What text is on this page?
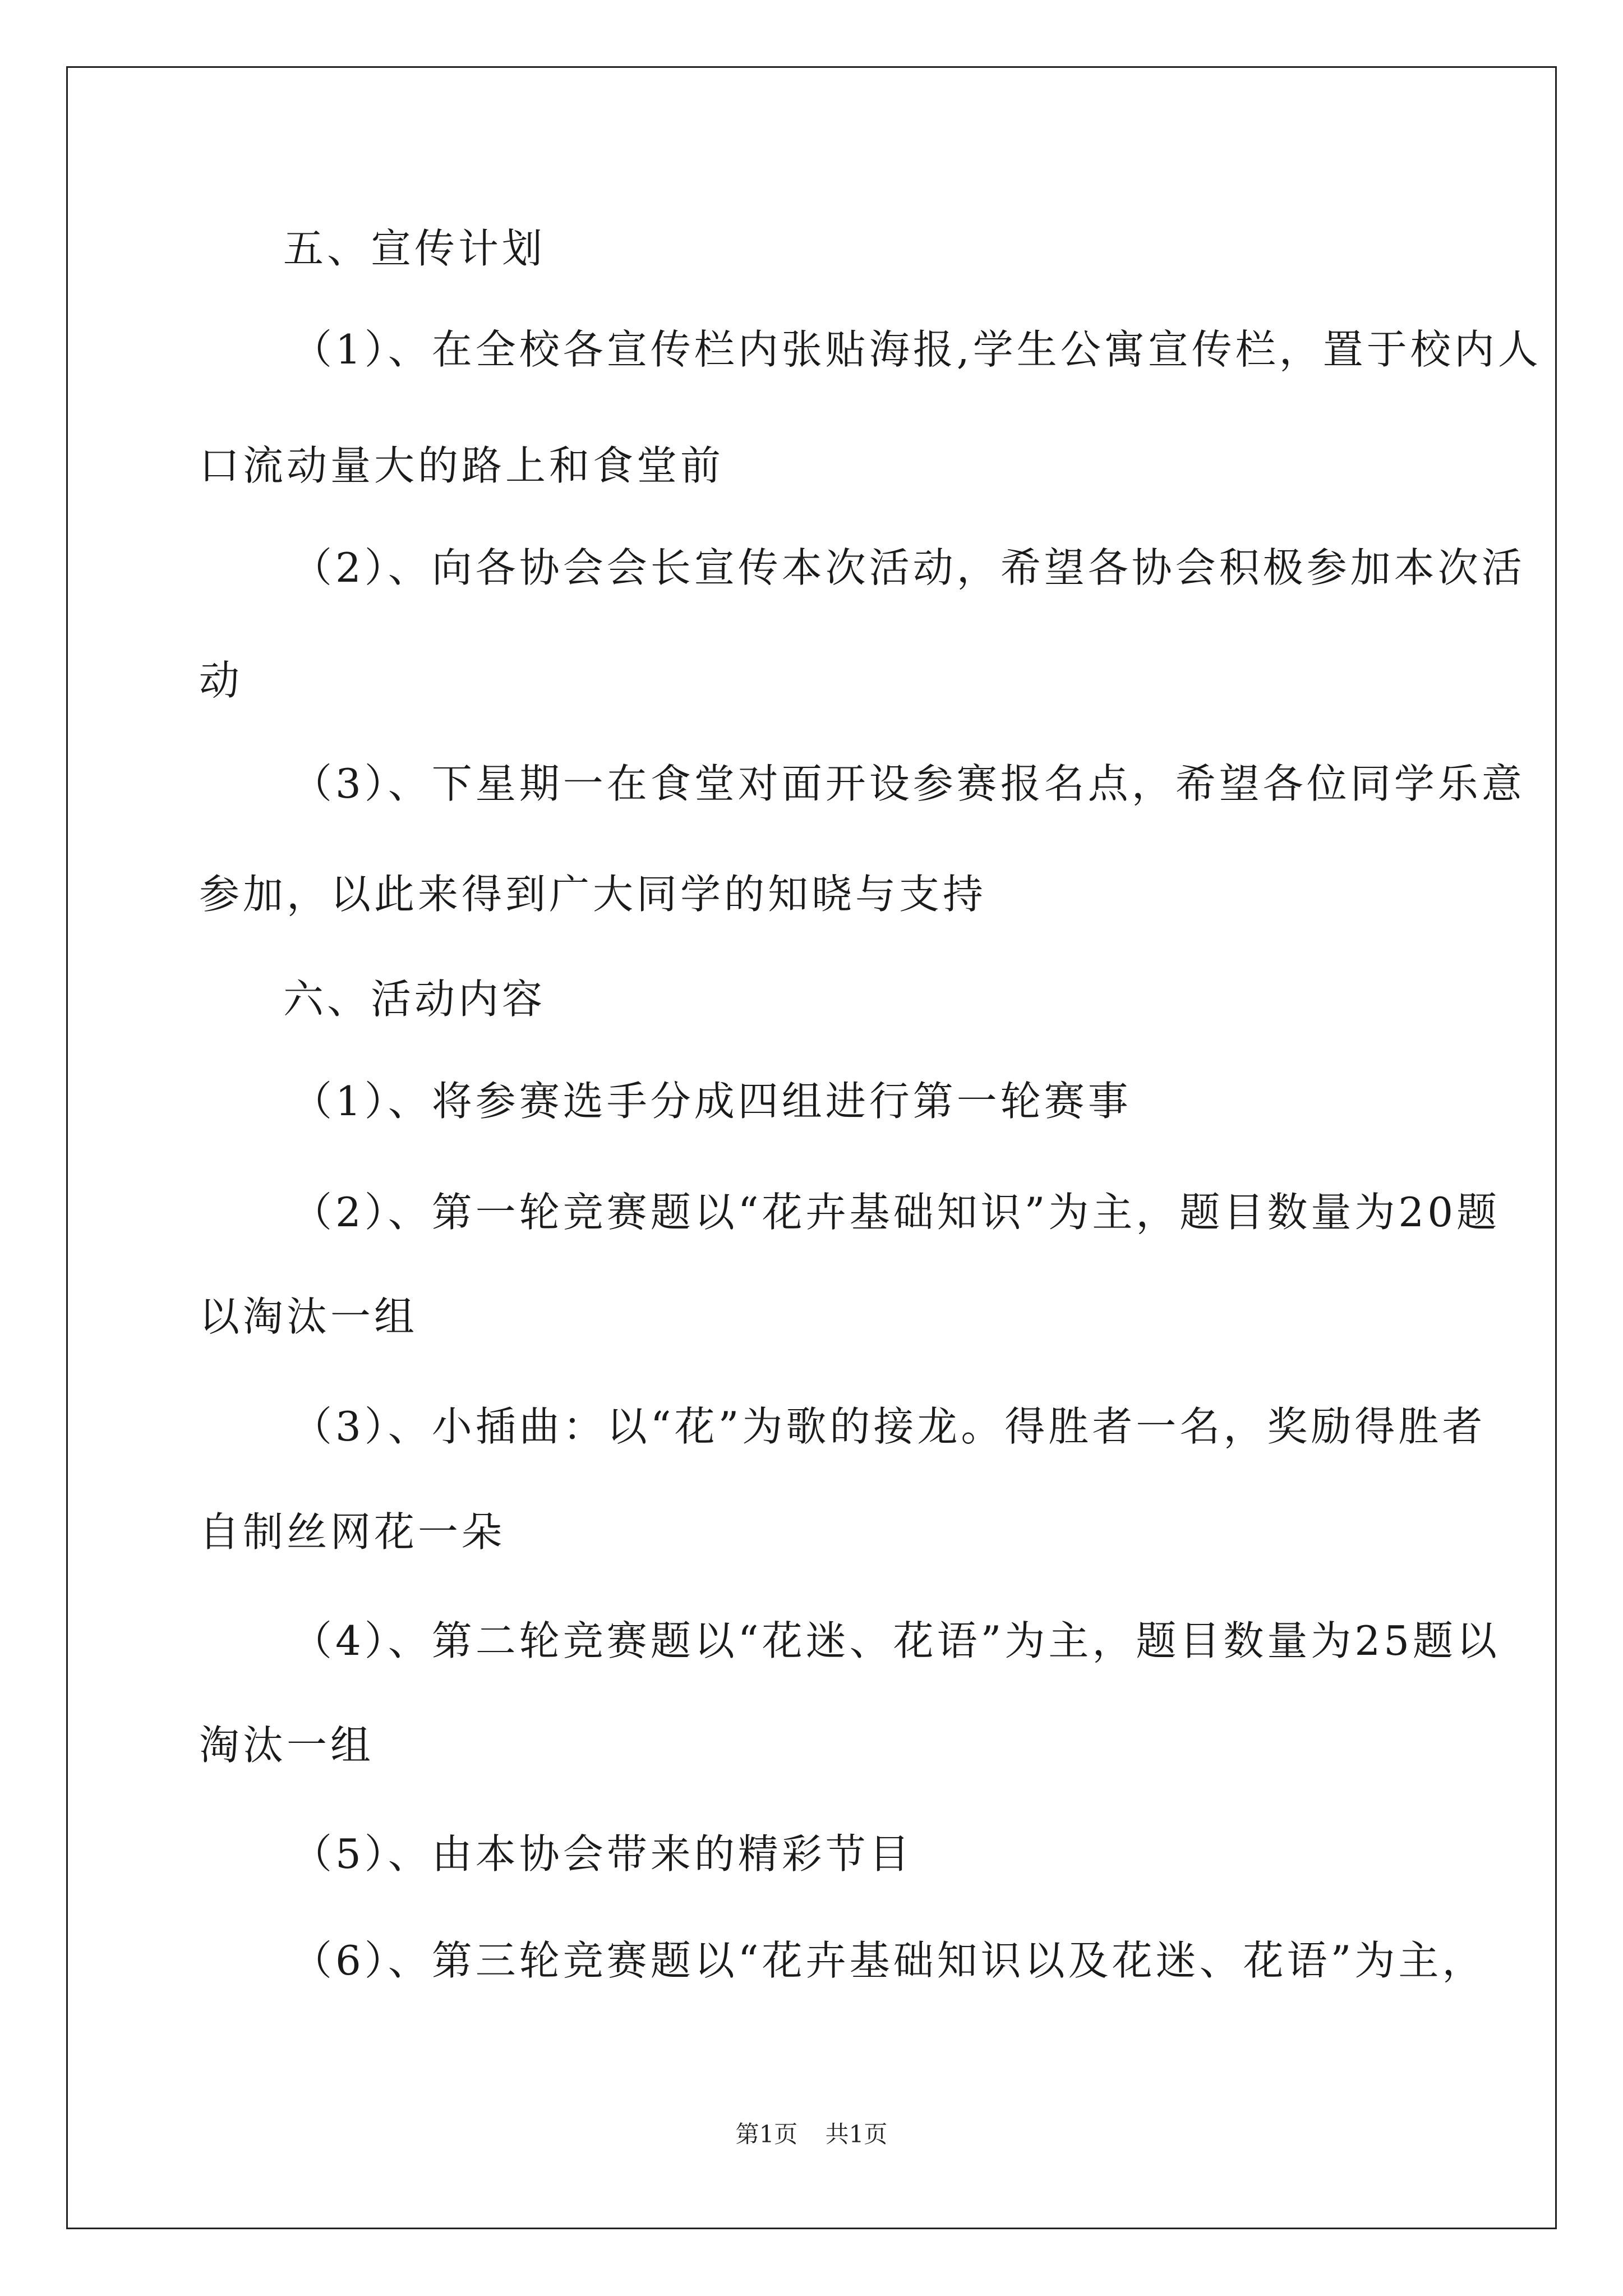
五、宣传计划
（1）、在全校各宣传栏内张贴海报,学生公寓宣传栏，置于校内人
口流动量大的路上和食堂前
（2）、向各协会会长宣传本次活动，希望各协会积极参加本次活
动
（3）、下星期一在食堂对面开设参赛报名点，希望各位同学乐意
参加，以此来得到广大同学的知晓与支持
六、活动内容
（1）、将参赛选手分成四组进行第一轮赛事
（2）、第一轮竞赛题以“花卉基础知识”为主，题目数量为20题
以淘汰一组
（3）、小插曲：以“花”为歌的接龙。得胜者一名，奖励得胜者
自制丝网花一朵
（4）、第二轮竞赛题以“花迷、花语”为主，题目数量为25题以
淘汰一组
（5）、由本协会带来的精彩节目
（6）、第三轮竞赛题以“花卉基础知识以及花迷、花语”为主，
第1页 共1页
